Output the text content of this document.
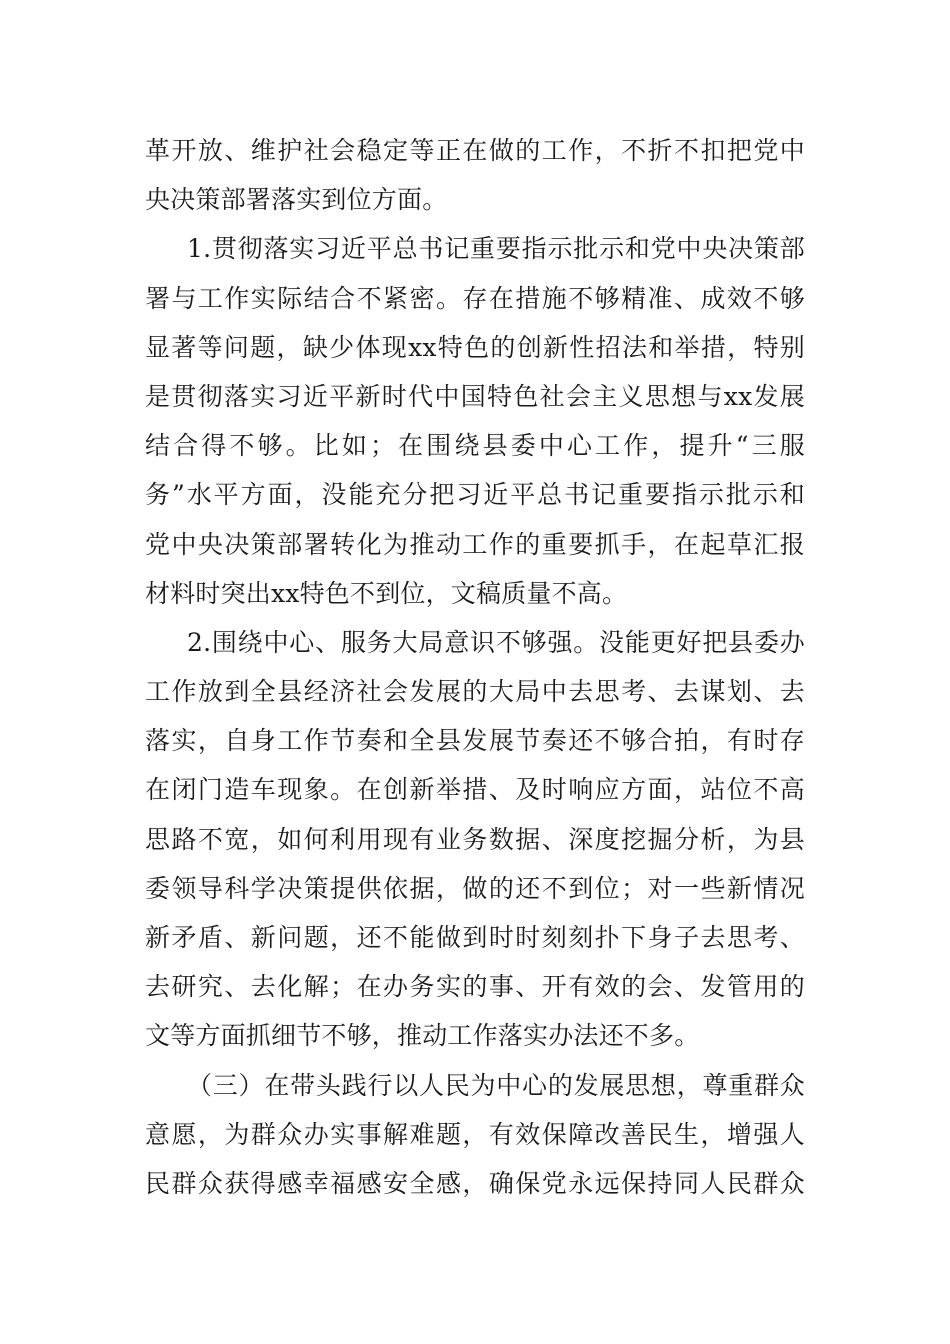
革开放、维护社会稳定等正在做的工作，不折不扣把党中
央决策部署落实到位方面。
1.贯彻落实习近平总书记重要指示批示和党中央决策部
署与工作实际结合不紧密。存在措施不够精准、成效不够
显著等问题，缺少体现xx特色的创新性招法和举措，特别
是贯彻落实习近平新时代中国特色社会主义思想与xx发展
结合得不够。比如；在围绕县委中心工作，提升“三服
务”水平方面，没能充分把习近平总书记重要指示批示和
党中央决策部署转化为推动工作的重要抓手，在起草汇报
材料时突出xx特色不到位，文稿质量不高。
2.围绕中心、服务大局意识不够强。没能更好把县委办
工作放到全县经济社会发展的大局中去思考、去谋划、去
落实，自身工作节奏和全县发展节奏还不够合拍，有时存
在闭门造车现象。在创新举措、及时响应方面，站位不高
思路不宽，如何利用现有业务数据、深度挖掘分析，为县
委领导科学决策提供依据，做的还不到位；对一些新情况
新矛盾、新问题，还不能做到时时刻刻扑下身子去思考、
去研究、去化解；在办务实的事、开有效的会、发管用的
文等方面抓细节不够，推动工作落实办法还不多。
（三）在带头践行以人民为中心的发展思想，尊重群众
意愿，为群众办实事解难题，有效保障改善民生，增强人
民群众获得感幸福感安全感，确保党永远保持同人民群众
